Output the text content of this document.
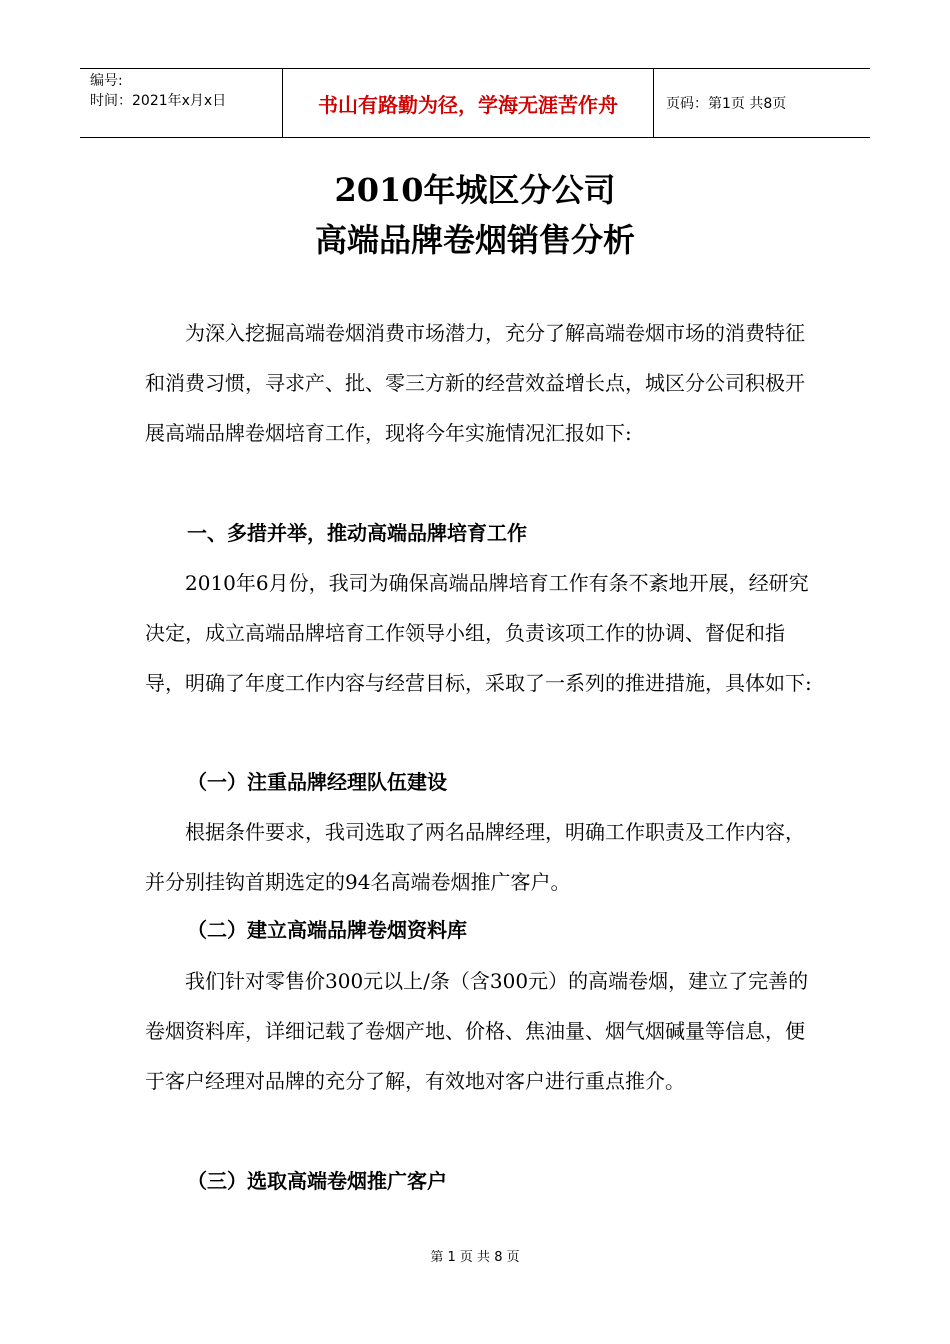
编号:
时间：2021年x月x日	书山有路勤为径，学海无涯苦作舟	页码：第1页 共8页
2010年城区分公司
高端品牌卷烟销售分析

为深入挖掘高端卷烟消费市场潜力，充分了解高端卷烟市场的消费特征和消费习惯，寻求产、批、零三方新的经营效益增长点，城区分公司积极开展高端品牌卷烟培育工作，现将今年实施情况汇报如下:

一、多措并举，推动高端品牌培育工作

2010年6月份，我司为确保高端品牌培育工作有条不紊地开展，经研究决定，成立高端品牌培育工作领导小组，负责该项工作的协调、督促和指导，明确了年度工作内容与经营目标，采取了一系列的推进措施，具体如下:

（一）注重品牌经理队伍建设

根据条件要求，我司选取了两名品牌经理，明确工作职责及工作内容，并分别挂钩首期选定的94名高端卷烟推广客户。

（二）建立高端品牌卷烟资料库

我们针对零售价300元以上/条（含300元）的高端卷烟，建立了完善的卷烟资料库，详细记载了卷烟产地、价格、焦油量、烟气烟碱量等信息，便于客户经理对品牌的充分了解，有效地对客户进行重点推介。

（三）选取高端卷烟推广客户
第 1 页 共 8 页
